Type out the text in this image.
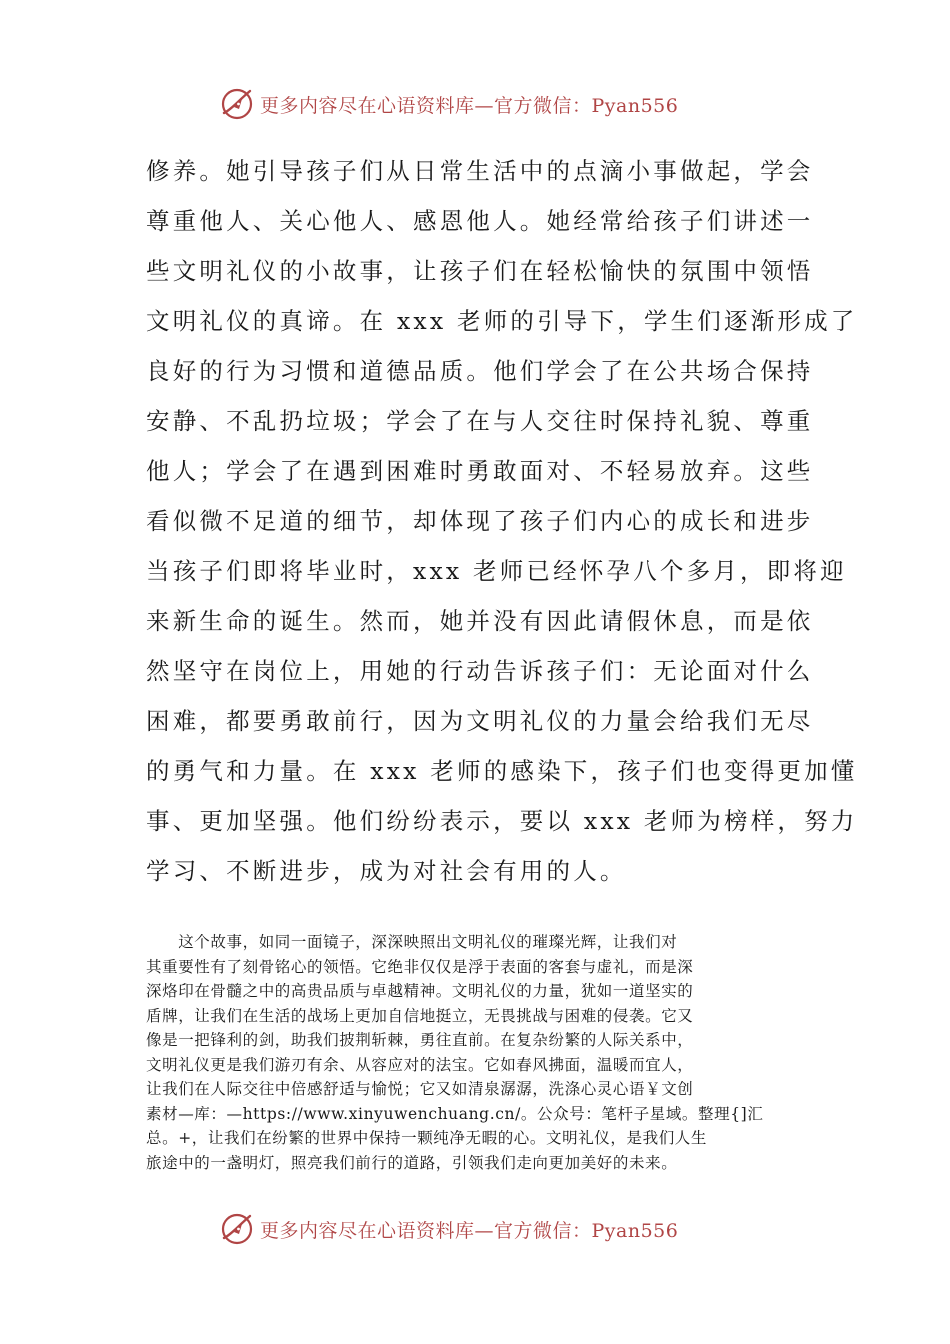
更多内容尽在心语资料库—官方微信：Pyan556
修养。她引导孩子们从日常生活中的点滴小事做起，学会
尊重他人、关心他人、感恩他人。她经常给孩子们讲述一
些文明礼仪的小故事，让孩子们在轻松愉快的氛围中领悟
文明礼仪的真谛。在 xxx 老师的引导下，学生们逐渐形成了
良好的行为习惯和道德品质。他们学会了在公共场合保持
安静、不乱扔垃圾；学会了在与人交往时保持礼貌、尊重
他人；学会了在遇到困难时勇敢面对、不轻易放弃。这些
看似微不足道的细节，却体现了孩子们内心的成长和进步
当孩子们即将毕业时，xxx 老师已经怀孕八个多月，即将迎
来新生命的诞生。然而，她并没有因此请假休息，而是依
然坚守在岗位上，用她的行动告诉孩子们：无论面对什么
困难，都要勇敢前行，因为文明礼仪的力量会给我们无尽
的勇气和力量。在 xxx 老师的感染下，孩子们也变得更加懂
事、更加坚强。他们纷纷表示，要以 xxx 老师为榜样，努力
学习、不断进步，成为对社会有用的人。
　　这个故事，如同一面镜子，深深映照出文明礼仪的璀璨光辉，让我们对
其重要性有了刻骨铭心的领悟。它绝非仅仅是浮于表面的客套与虚礼，而是深
深烙印在骨髓之中的高贵品质与卓越精神。文明礼仪的力量，犹如一道坚实的
盾牌，让我们在生活的战场上更加自信地挺立，无畏挑战与困难的侵袭。它又
像是一把锋利的剑，助我们披荆斩棘，勇往直前。在复杂纷繁的人际关系中，
文明礼仪更是我们游刃有余、从容应对的法宝。它如春风拂面，温暖而宜人，
让我们在人际交往中倍感舒适与愉悦；它又如清泉潺潺，洗涤心灵心语￥文创
素材—库：—https://www.xinyuwenchuang.cn/。公众号：笔杆子星域。整理{]汇
总。+，让我们在纷繁的世界中保持一颗纯净无暇的心。文明礼仪，是我们人生
旅途中的一盏明灯，照亮我们前行的道路，引领我们走向更加美好的未来。
更多内容尽在心语资料库—官方微信：Pyan556
